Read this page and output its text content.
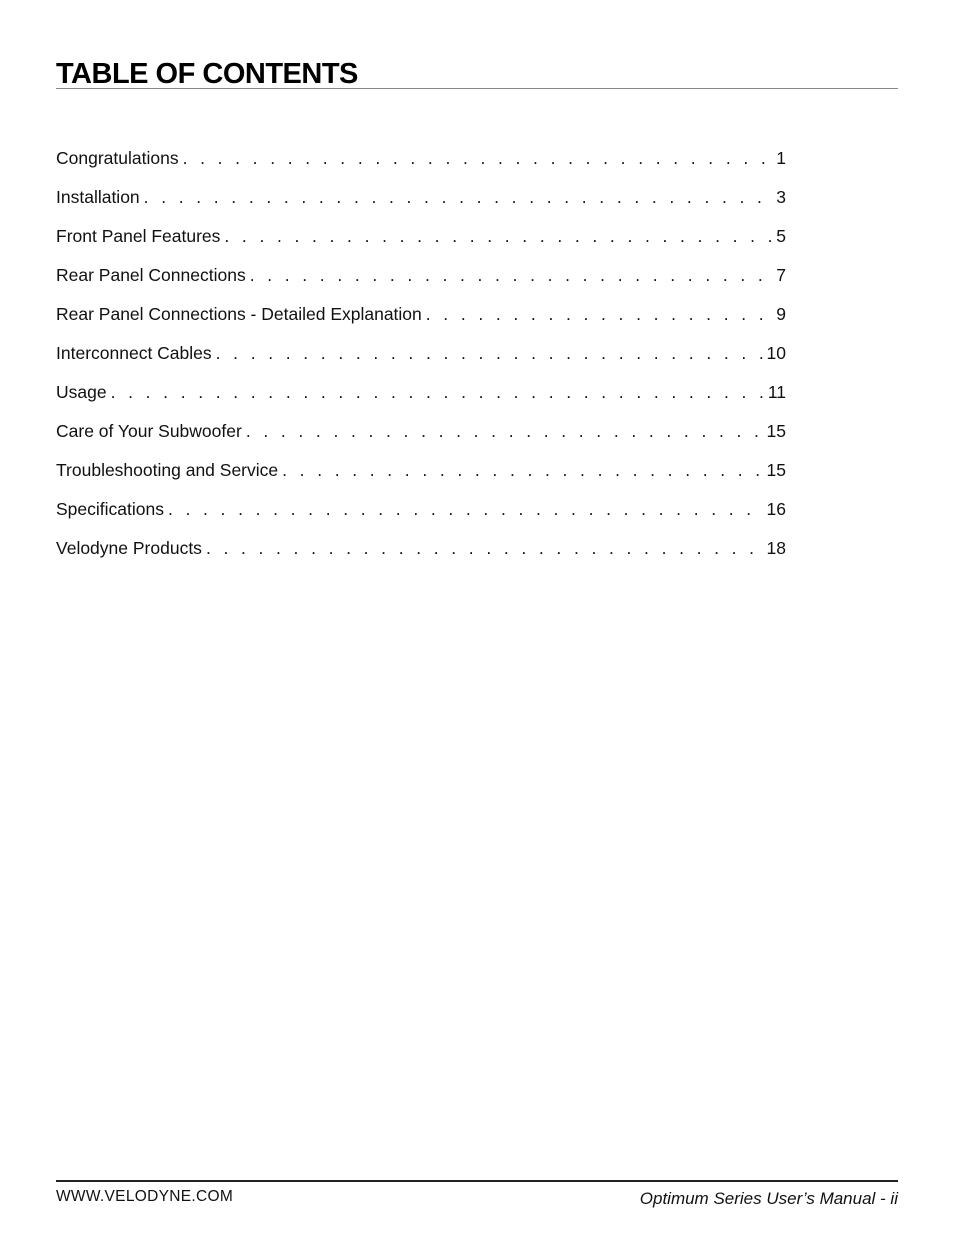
TABLE OF CONTENTS
Congratulations . . .	1
Installation . . .	3
Front Panel Features . . .	5
Rear Panel Connections . . .	7
Rear Panel Connections - Detailed Explanation . . .	9
Interconnect Cables . . .	10
Usage . . .	11
Care of Your Subwoofer . . .	15
Troubleshooting and Service . . .	15
Specifications . . .	16
Velodyne Products . . .	18
WWW.VELODYNE.COM	Optimum Series User’s Manual - ii
